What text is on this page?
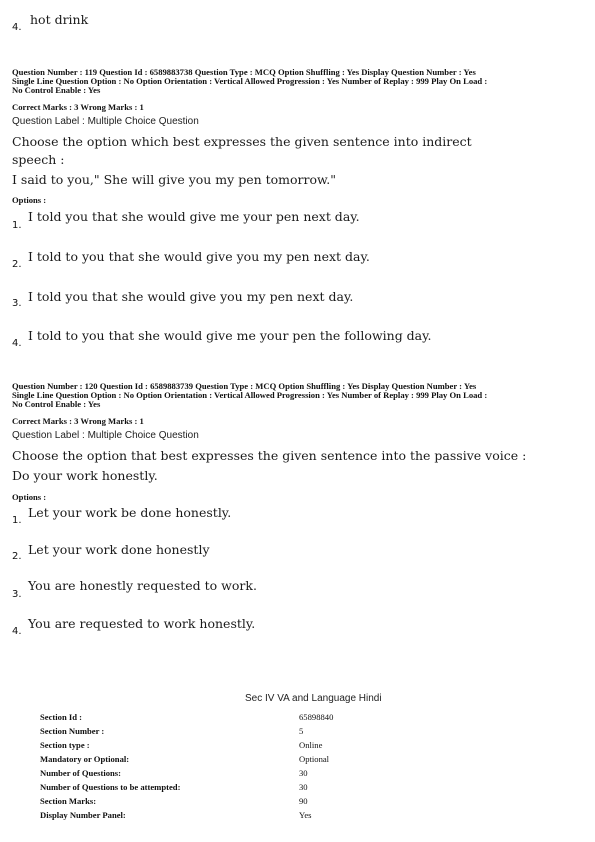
4.
hot drink
Question Number : 119 Question Id : 6589883738 Question Type : MCQ Option Shuffling : Yes Display Question Number : Yes
Single Line Question Option : No Option Orientation : Vertical Allowed Progression : Yes Number of Replay : 999 Play On Load :
No Control Enable : Yes
Correct Marks : 3 Wrong Marks : 1
Question Label : Multiple Choice Question
Choose the option which best expresses the given sentence into indirect
speech :
I said to you," She will give you my pen tomorrow."
Options :
1.
I told you that she would give me your pen next day.
2.
I told to you that she would give you my pen next day.
3. I told you that she would give you my pen next day.
4.
I told to you that she would give me your pen the following day.
Question Number : 120 Question Id : 6589883739 Question Type : MCQ Option Shuffling : Yes Display Question Number : Yes
Single Line Question Option : No Option Orientation : Vertical Allowed Progression : Yes Number of Replay : 999 Play On Load :
No Control Enable : Yes
Correct Marks : 3 Wrong Marks : 1
Question Label : Multiple Choice Question
Choose the option that best expresses the given sentence into the passive voice :
Do your work honestly.
Options :
1.
Let your work be done honestly.
2. Let your work done honestly
3.
You are honestly requested to work.
4.
You are requested to work honestly.
Sec IV VA and Language Hindi
Section Id :	65898840
Section Number :	5
Section type :	Online
Mandatory or Optional:	Optional
Number of Questions:	30
Number of Questions to be attempted:	30
Section Marks:	90
Display Number Panel:	Yes
